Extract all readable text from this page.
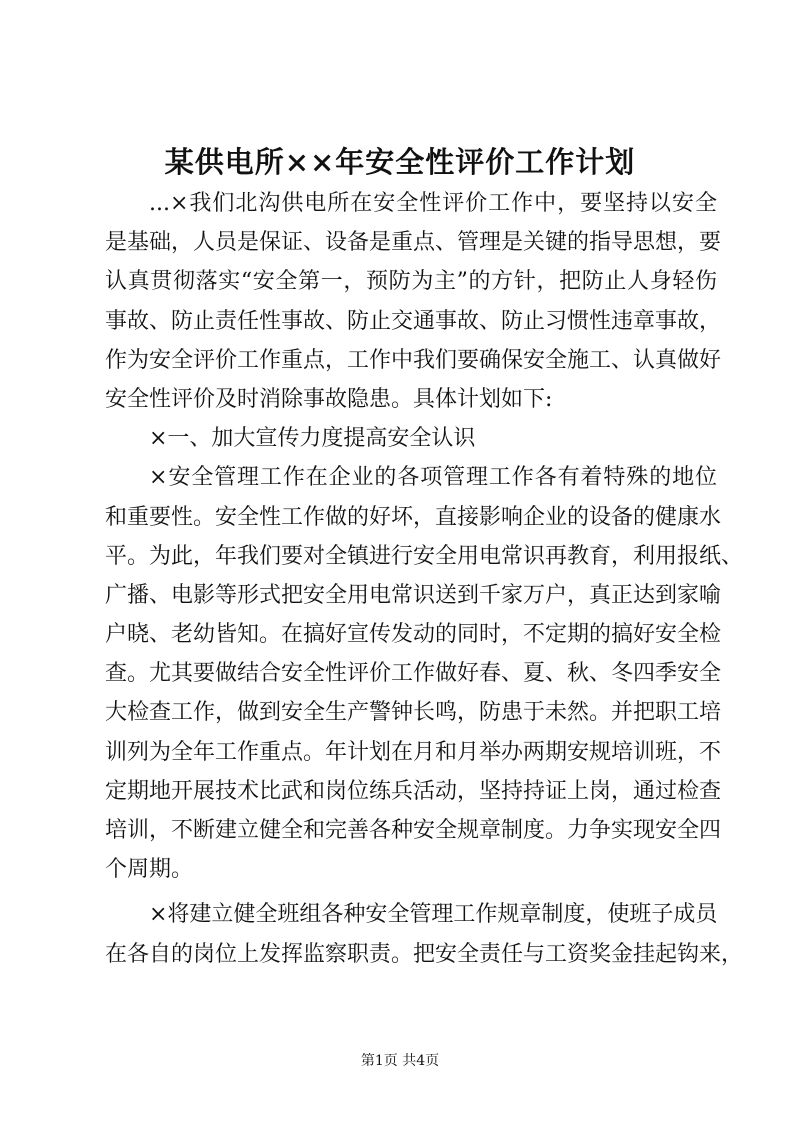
某供电所××年安全性评价工作计划
...×我们北沟供电所在安全性评价工作中，要坚持以安全
是基础，人员是保证、设备是重点、管理是关键的指导思想，要
认真贯彻落实“安全第一，预防为主”的方针，把防止人身轻伤
事故、防止责任性事故、防止交通事故、防止习惯性违章事故，
作为安全评价工作重点，工作中我们要确保安全施工、认真做好
安全性评价及时消除事故隐患。具体计划如下:
×一、加大宣传力度提高安全认识
×安全管理工作在企业的各项管理工作各有着特殊的地位
和重要性。安全性工作做的好坏，直接影响企业的设备的健康水
平。为此，年我们要对全镇进行安全用电常识再教育，利用报纸、
广播、电影等形式把安全用电常识送到千家万户，真正达到家喻
户晓、老幼皆知。在搞好宣传发动的同时，不定期的搞好安全检
查。尤其要做结合安全性评价工作做好春、夏、秋、冬四季安全
大检查工作，做到安全生产警钟长鸣，防患于未然。并把职工培
训列为全年工作重点。年计划在月和月举办两期安规培训班，不
定期地开展技术比武和岗位练兵活动，坚持持证上岗，通过检查
培训，不断建立健全和完善各种安全规章制度。力争实现安全四
个周期。
×将建立健全班组各种安全管理工作规章制度，使班子成员
在各自的岗位上发挥监察职责。把安全责任与工资奖金挂起钩来，
第1页 共4页
